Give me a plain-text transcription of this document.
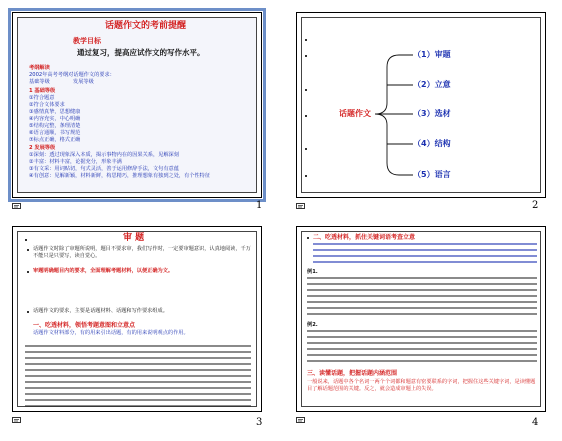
话题作文的考前提醒
教学目标
通过复习，提高应试作文的写作水平。
考纲解读
2002年高考考纲对话题作文的要求：
基础等级	发展等级
1 基础等级
①符合题意
②符合文体要求
③感情真挚，思想健康
④内容充实，中心明确
⑤结构完整，条理清楚
⑥语言通顺，书写规范
⑦标点正确，格式正确
2 发展等级
①深刻：透过现象深入本质，揭示事物内在的因果关系，见解深刻
②丰富：材料丰富，论据充分，形象丰满
③有文采：用词贴切，句式灵活，善于运用修辞手法，文句有意蕴
④有创意：见解新颖，材料新鲜，构思精巧，推理想象有独到之处，有个性特征
1
话题作文
（1）审题
（2）立意
（3）选材
（4）结构
（5）语言
2
审 题
话题作文时除了审题所说明，题目不要求审，我们写作时，一定要审题意识，认真地阅读，千万不能只是只要写，读自觉心。
审题明确题目内的要求，全面理解考题材料，以便正确为文。
话题作文的要求，主要是话题材料、话题和写作要求组成。
一、吃透材料，领悟考题意图和立意点
话题作文材料部分，有的用来引出话题，有的用来说明观点的作用。
3
二、吃透材料，抓住关键词语考查立意
例1.
例2.
三、读懂话题，把握话题内涵范围
一般说来，话题中各个名词一两个个词都和题意有密要联系的字词，把握住这些关键字词，是读懂题目了解话题范围的关键。反之，就会造成审题上的失误。
4
